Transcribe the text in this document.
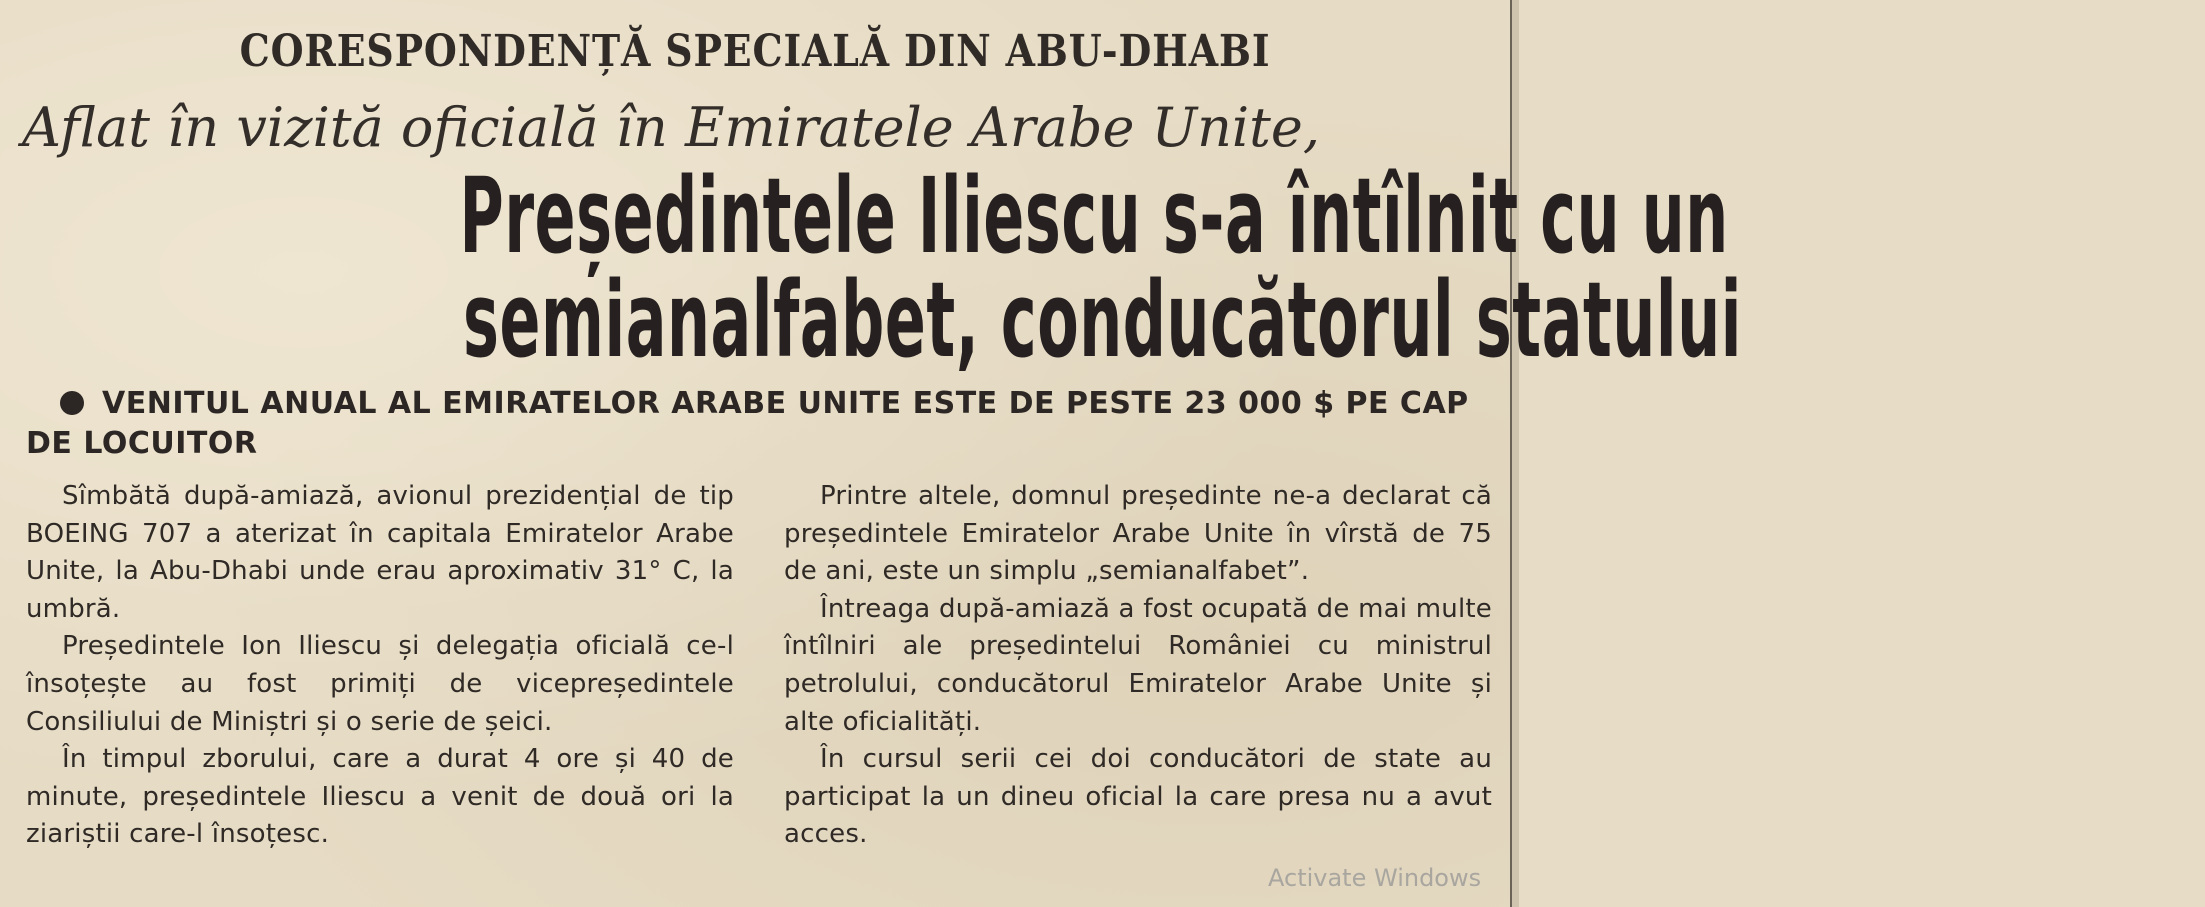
CORESPONDENȚĂ SPECIALĂ DIN ABU-DHABI
Aflat în vizită oficială în Emiratele Arabe Unite,
Președintele Iliescu s-a întîlnit cu un
semianalfabet, conducătorul statului
VENITUL ANUAL AL EMIRATELOR ARABE UNITE ESTE DE PESTE 23 000 $ PE CAP DE LOCUITOR

Sîmbătă după-amiază, avionul prezidențial de tip BOEING 707 a aterizat în capitala Emiratelor Arabe Unite, la Abu-Dhabi unde erau aproximativ 31° C, la umbră.

Președintele Ion Iliescu și delegația oficială ce-l însoțește au fost primiți de vicepreședintele Consiliului de Miniștri și o serie de șeici.

În timpul zborului, care a durat 4 ore și 40 de minute, președintele Iliescu a venit de două ori la ziariștii care-l însoțesc.

Printre altele, domnul președinte ne-a declarat că președintele Emiratelor Arabe Unite în vîrstă de 75 de ani, este un simplu „semianalfabet”.

Întreaga după-amiază a fost ocupată de mai multe întîlniri ale președintelui României cu ministrul petrolului, conducătorul Emiratelor Arabe Unite și alte oficialități.

În cursul serii cei doi conducători de state au participat la un dineu oficial la care presa nu a avut acces.

Activate Windows
